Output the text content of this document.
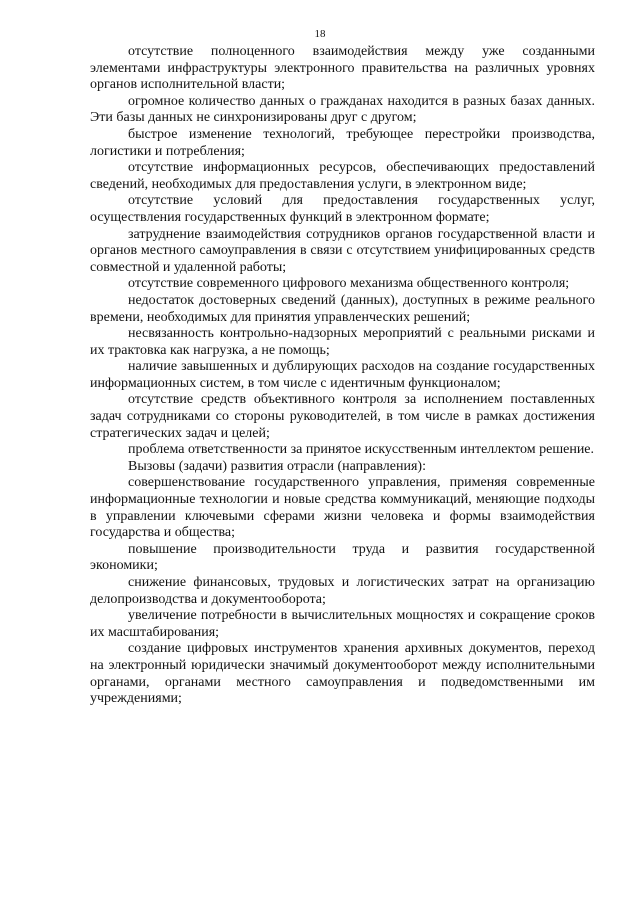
18

отсутствие полноценного взаимодействия между уже созданными элементами инфраструктуры электронного правительства на различных уровнях органов исполнительной власти;

огромное количество данных о гражданах находится в разных базах данных. Эти базы данных не синхронизированы друг с другом;

быстрое изменение технологий, требующее перестройки производства, логистики и потребления;

отсутствие информационных ресурсов, обеспечивающих предоставлений сведений, необходимых для предоставления услуги, в электронном виде;

отсутствие условий для предоставления государственных услуг, осуществления государственных функций в электронном формате;

затруднение взаимодействия сотрудников органов государственной власти и органов местного самоуправления в связи с отсутствием унифицированных средств совместной и удаленной работы;

отсутствие современного цифрового механизма общественного контроля;

недостаток достоверных сведений (данных), доступных в режиме реального времени, необходимых для принятия управленческих решений;

несвязанность контрольно-надзорных мероприятий с реальными рисками и их трактовка как нагрузка, а не помощь;

наличие завышенных и дублирующих расходов на создание государственных информационных систем, в том числе с идентичным функционалом;

отсутствие средств объективного контроля за исполнением поставленных задач сотрудниками со стороны руководителей, в том числе в рамках достижения стратегических задач и целей;

проблема ответственности за принятое искусственным интеллектом решение.

Вызовы (задачи) развития отрасли (направления):

совершенствование государственного управления, применяя современные информационные технологии и новые средства коммуникаций, меняющие подходы в управлении ключевыми сферами жизни человека и формы взаимодействия государства и общества;

повышение производительности труда и развития государственной экономики;

снижение финансовых, трудовых и логистических затрат на организацию делопроизводства и документооборота;

увеличение потребности в вычислительных мощностях и сокращение сроков их масштабирования;

создание цифровых инструментов хранения архивных документов, переход на электронный юридически значимый документооборот между исполнительными органами, органами местного самоуправления и подведомственными им учреждениями;
